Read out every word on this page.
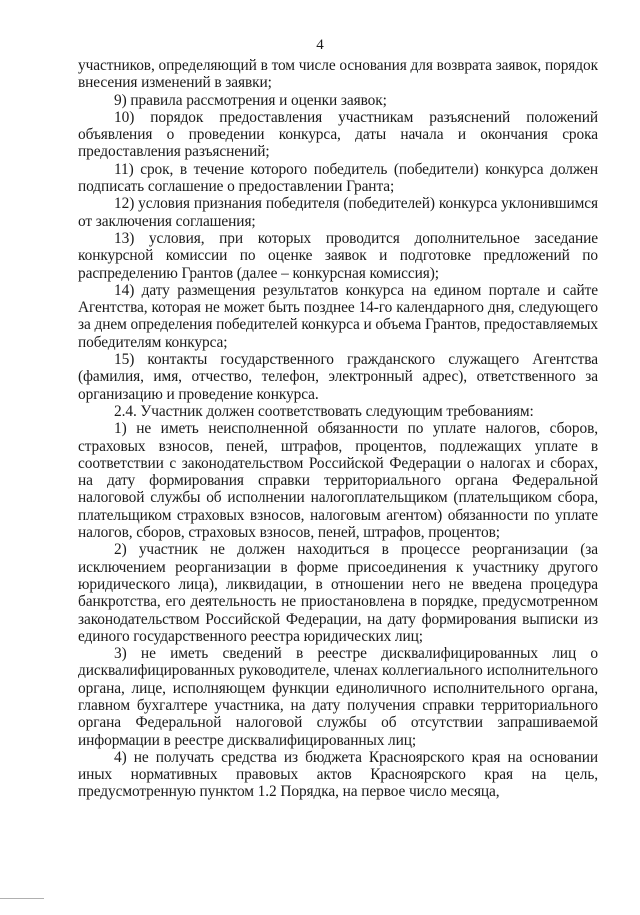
4

участников, определяющий в том числе основания для возврата заявок, порядок внесения изменений в заявки;

9) правила рассмотрения и оценки заявок;

10) порядок предоставления участникам разъяснений положений объявления о проведении конкурса, даты начала и окончания срока предоставления разъяснений;

11) срок, в течение которого победитель (победители) конкурса должен подписать соглашение о предоставлении Гранта;

12) условия признания победителя (победителей) конкурса уклонившимся от заключения соглашения;

13) условия, при которых проводится дополнительное заседание конкурсной комиссии по оценке заявок и подготовке предложений по распределению Грантов (далее – конкурсная комиссия);

14) дату размещения результатов конкурса на едином портале и сайте Агентства, которая не может быть позднее 14-го календарного дня, следующего за днем определения победителей конкурса и объема Грантов, предоставляемых победителям конкурса;

15) контакты государственного гражданского служащего Агентства (фамилия, имя, отчество, телефон, электронный адрес), ответственного за организацию и проведение конкурса.

2.4. Участник должен соответствовать следующим требованиям:

1) не иметь неисполненной обязанности по уплате налогов, сборов, страховых взносов, пеней, штрафов, процентов, подлежащих уплате в соответствии с законодательством Российской Федерации о налогах и сборах, на дату формирования справки территориального органа Федеральной налоговой службы об исполнении налогоплательщиком (плательщиком сбора, плательщиком страховых взносов, налоговым агентом) обязанности по уплате налогов, сборов, страховых взносов, пеней, штрафов, процентов;

2) участник не должен находиться в процессе реорганизации (за исключением реорганизации в форме присоединения к участнику другого юридического лица), ликвидации, в отношении него не введена процедура банкротства, его деятельность не приостановлена в порядке, предусмотренном законодательством Российской Федерации, на дату формирования выписки из единого государственного реестра юридических лиц;

3) не иметь сведений в реестре дисквалифицированных лиц о дисквалифицированных руководителе, членах коллегиального исполнительного органа, лице, исполняющем функции единоличного исполнительного органа, главном бухгалтере участника, на дату получения справки территориального органа Федеральной налоговой службы об отсутствии запрашиваемой информации в реестре дисквалифицированных лиц;

4) не получать средства из бюджета Красноярского края на основании иных нормативных правовых актов Красноярского края на цель, предусмотренную пунктом 1.2 Порядка, на первое число месяца,
